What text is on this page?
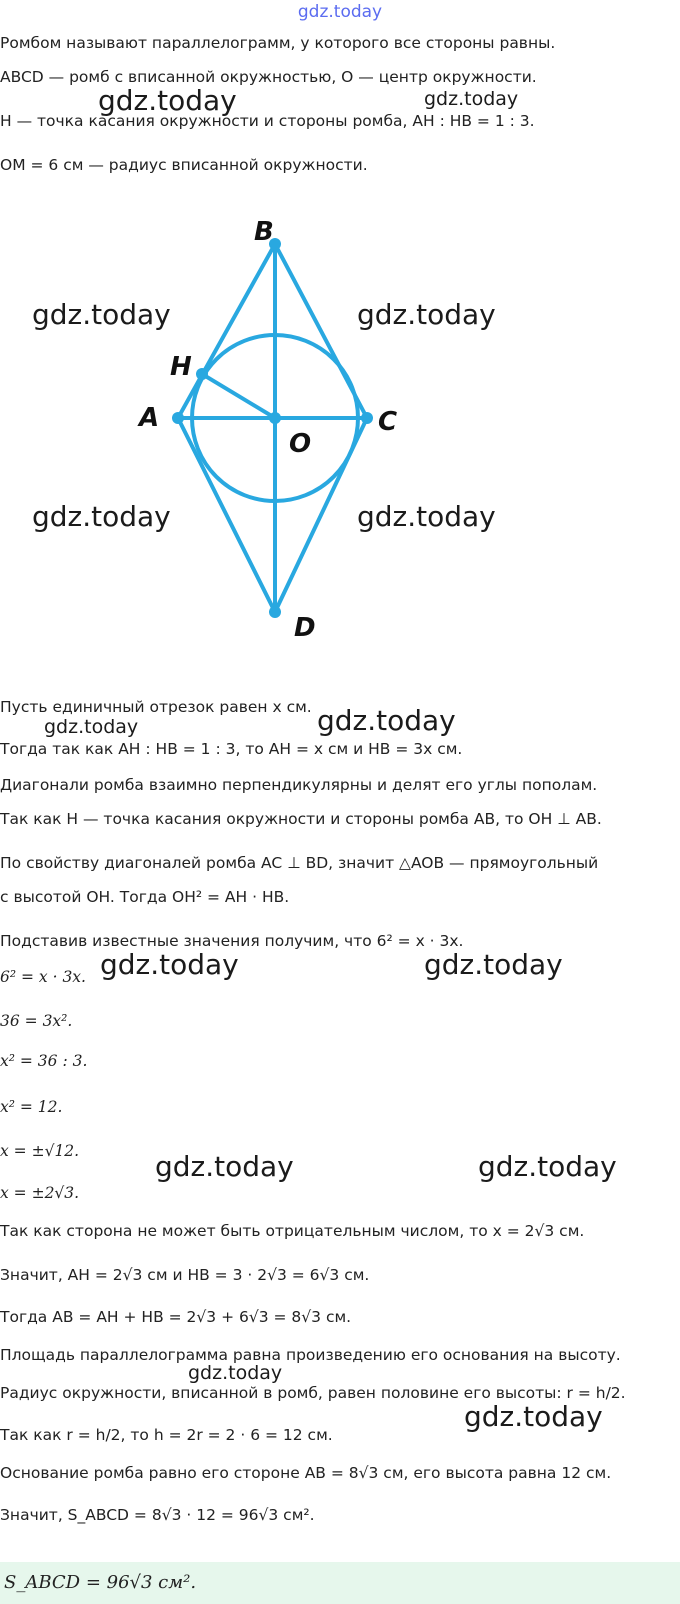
gdz.today
Ромбом называют параллелограмм, у которого все стороны равны.
ABCD — ромб с вписанной окружностью, O — центр окружности.
H — точка касания окружности и стороны ромба, AH : HB = 1 : 3.
OM = 6 см — радиус вписанной окружности.
B
H
A	C
O
D
Пусть единичный отрезок равен x см.
Тогда так как AH : HB = 1 : 3, то AH = x см и HB = 3x см.
Диагонали ромба взаимно перпендикулярны и делят его углы пополам.
Так как H — точка касания окружности и стороны ромба AB, то OH ⊥ AB.
По свойству диагоналей ромба AC ⊥ BD, значит △AOB — прямоугольный
с высотой OH. Тогда OH² = AH · HB.
Подставив известные значения получим, что 6² = x · 3x.
6² = x · 3x.
36 = 3x².
x² = 36 : 3.
x² = 12.
x = ±√12.
x = ±2√3.
Так как сторона не может быть отрицательным числом, то x = 2√3 см.
Значит, AH = 2√3 см и HB = 3 · 2√3 = 6√3 см.
Тогда AB = AH + HB = 2√3 + 6√3 = 8√3 см.
Площадь параллелограмма равна произведению его основания на высоту.
Радиус окружности, вписанной в ромб, равен половине его высоты: r = h/2.
Так как r = h/2, то h = 2r = 2 · 6 = 12 см.
Основание ромба равно его стороне AB = 8√3 см, его высота равна 12 см.
Значит, S_ABCD = 8√3 · 12 = 96√3 см².
S_ABCD = 96√3 см².
gdz.today	gdz.today
gdz.today	gdz.today
gdz.today	gdz.today
gdz.today	gdz.today
gdz.today	gdz.today
gdz.today	gdz.today
gdz.today
gdz.today
